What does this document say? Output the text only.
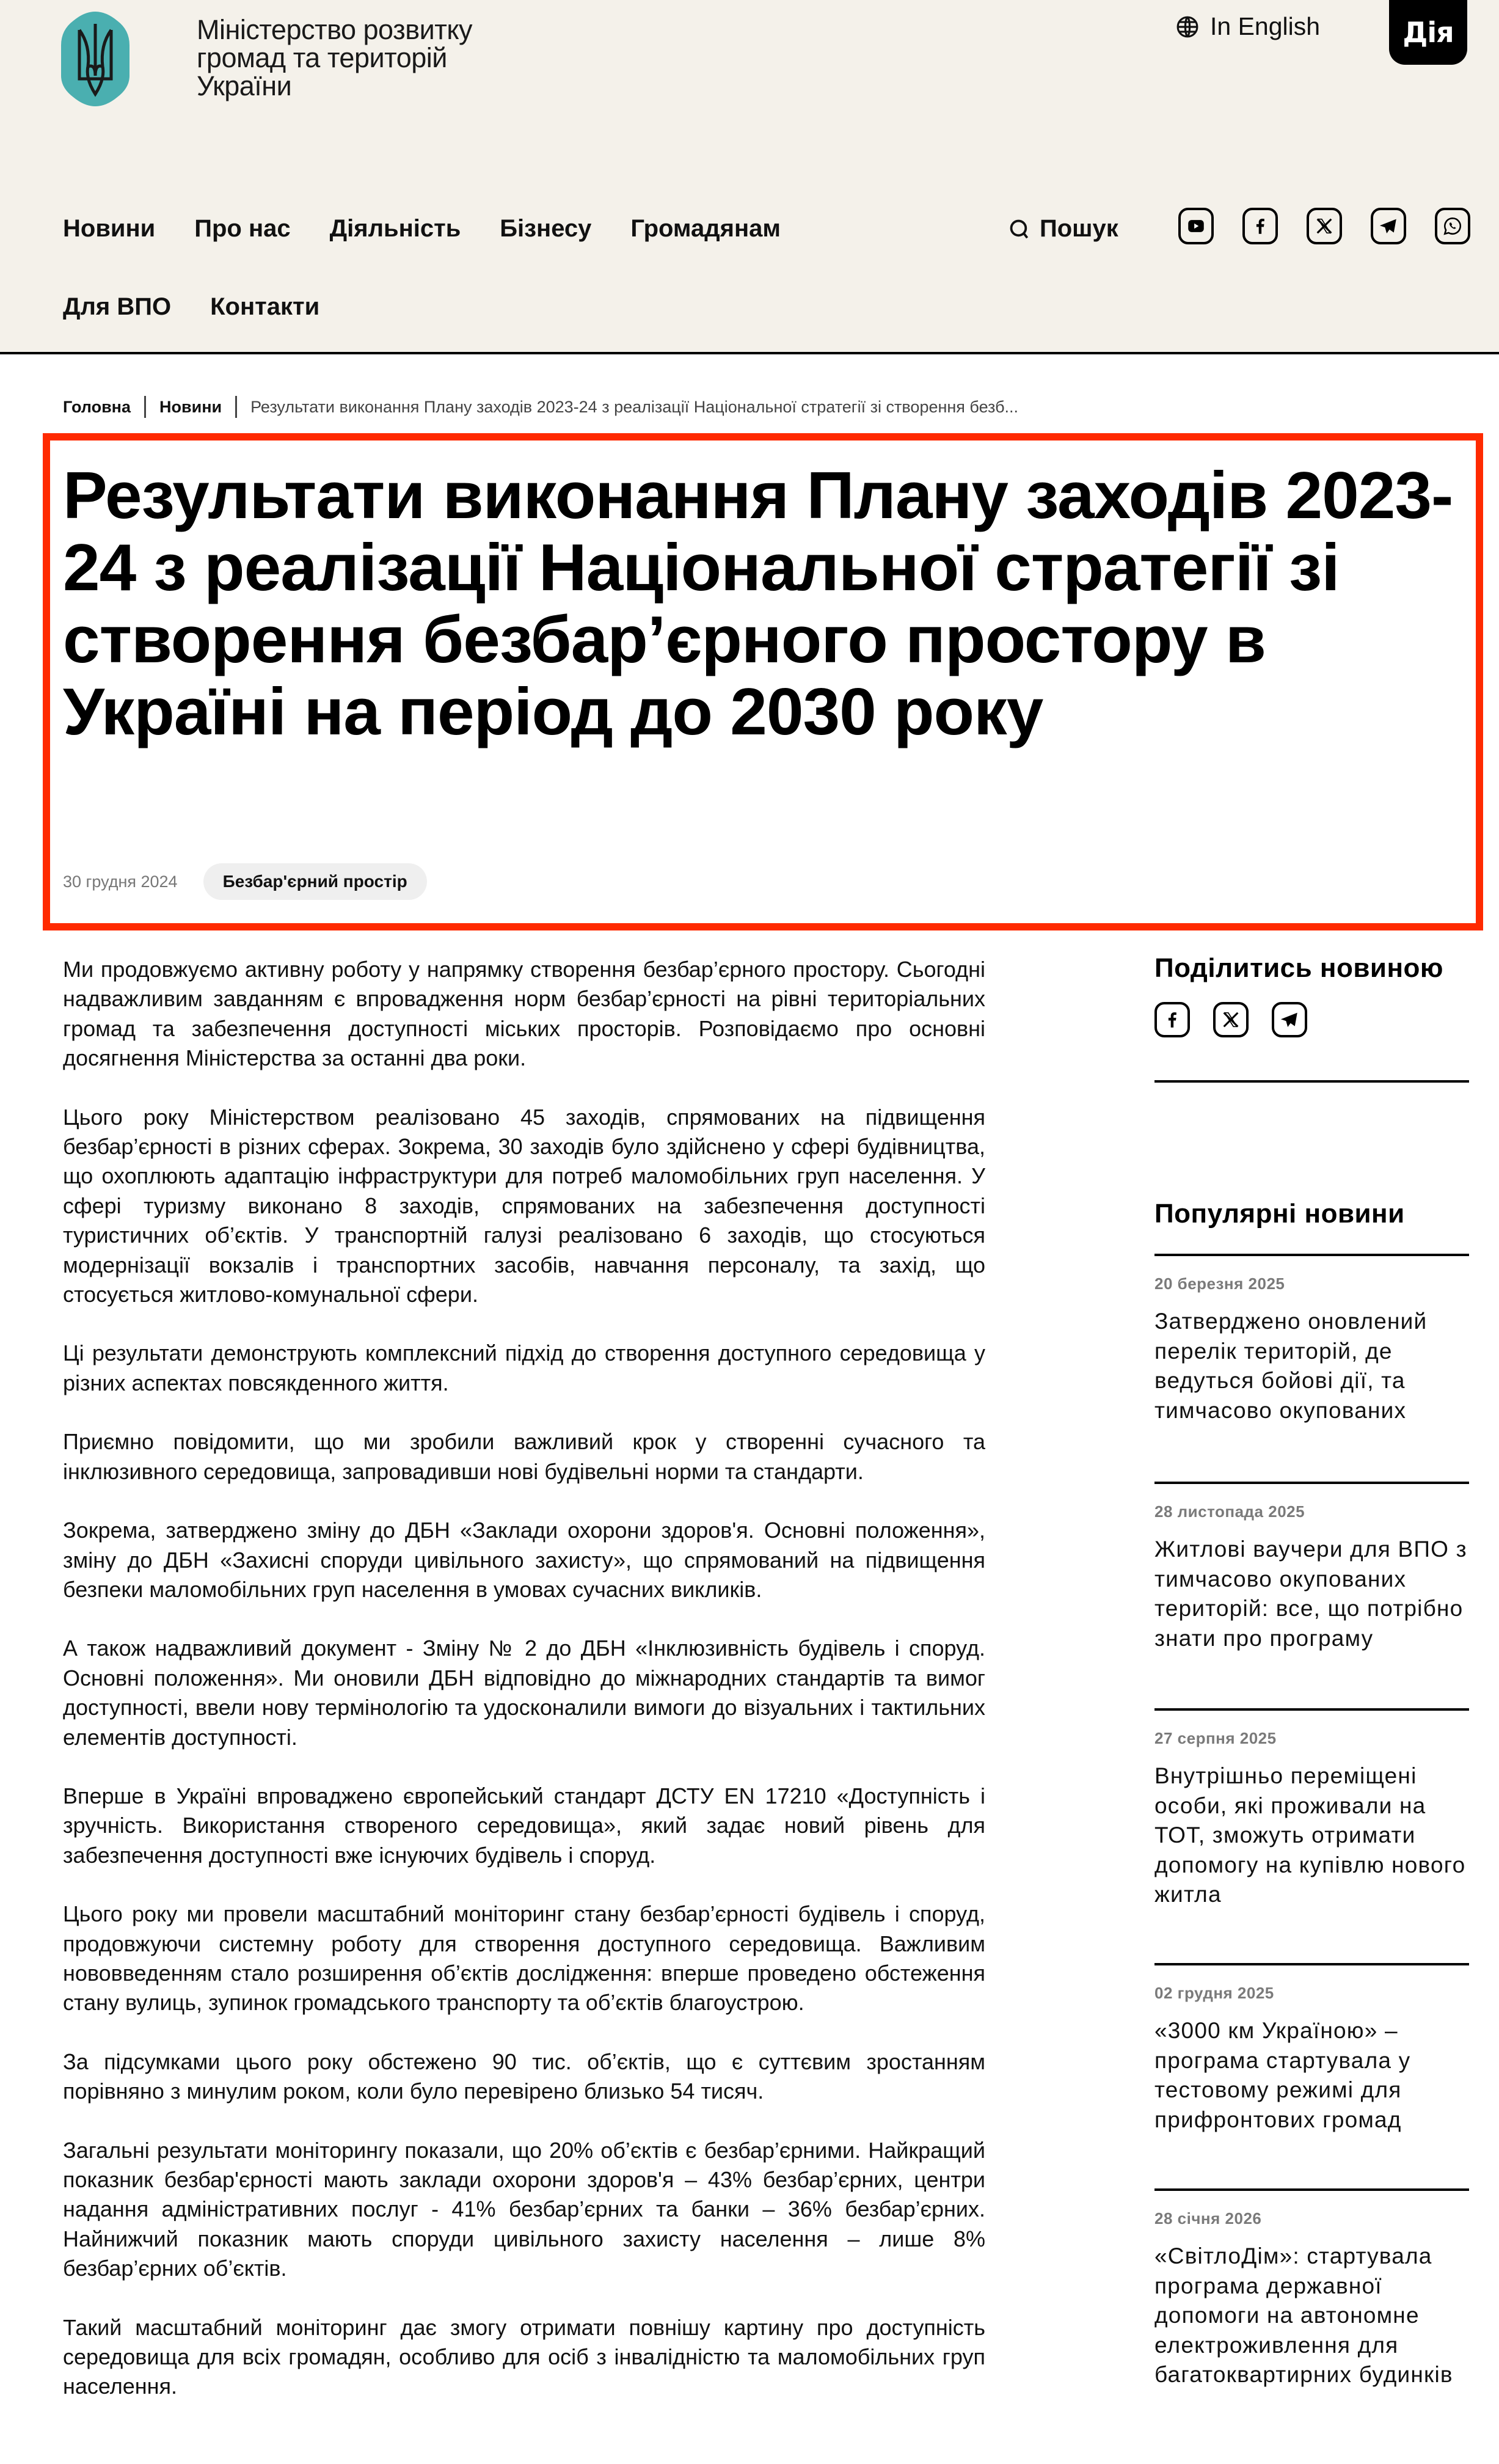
Міністерство розвитку громад та територій України
In English	Дія
Новини Про нас Діяльність Бізнесу Громадянам
Для ВПО Контакти
Пошук
Головна Новини Результати виконання Плану заходів 2023-24 з реалізації Національної стратегії зі створення безб...
Результати виконання Плану заходів 2023-24 з реалізації Національної стратегії зі створення безбар’єрного простору в Україні на період до 2030 року
30 грудня 2024	Безбар'єрний простір

Ми продовжуємо активну роботу у напрямку створення безбар’єрного простору. Сьогодні надважливим завданням є впровадження норм безбар’єрності на рівні територіальних громад та забезпечення доступності міських просторів. Розповідаємо про основні досягнення Міністерства за останні два роки.

Цього року Міністерством реалізовано 45 заходів, спрямованих на підвищення безбар’єрності в різних сферах. Зокрема, 30 заходів було здійснено у сфері будівництва, що охоплюють адаптацію інфраструктури для потреб маломобільних груп населення. У сфері туризму виконано 8 заходів, спрямованих на забезпечення доступності туристичних об’єктів. У транспортній галузі реалізовано 6 заходів, що стосуються модернізації вокзалів і транспортних засобів, навчання персоналу, та захід, що стосується житлово-комунальної сфери.

Ці результати демонструють комплексний підхід до створення доступного середовища у різних аспектах повсякденного життя.

Приємно повідомити, що ми зробили важливий крок у створенні сучасного та інклюзивного середовища, запровадивши нові будівельні норми та стандарти.

Зокрема, затверджено зміну до ДБН «Заклади охорони здоров'я. Основні положення», зміну до ДБН «Захисні споруди цивільного захисту», що спрямований на підвищення безпеки маломобільних груп населення в умовах сучасних викликів.

А також надважливий документ - Зміну № 2 до ДБН «Інклюзивність будівель і споруд. Основні положення». Ми оновили ДБН відповідно до міжнародних стандартів та вимог доступності, ввели нову термінологію та удосконалили вимоги до візуальних і тактильних елементів доступності.

Вперше в Україні впроваджено європейський стандарт ДСТУ EN 17210 «Доступність і зручність. Використання створеного середовища», який задає новий рівень для забезпечення доступності вже існуючих будівель і споруд.

Цього року ми провели масштабний моніторинг стану безбар’єрності будівель і споруд, продовжуючи системну роботу для створення доступного середовища. Важливим нововведенням стало розширення об’єктів дослідження: вперше проведено обстеження стану вулиць, зупинок громадського транспорту та об’єктів благоустрою.

За підсумками цього року обстежено 90 тис. об’єктів, що є суттєвим зростанням порівняно з минулим роком, коли було перевірено близько 54 тисяч.

Загальні результати моніторингу показали, що 20% об’єктів є безбар’єрними. Найкращий показник безбар'єрності мають заклади охорони здоров'я – 43% безбар’єрних, центри надання адміністративних послуг - 41% безбар’єрних та банки – 36% безбар’єрних. Найнижчий показник мають споруди цивільного захисту населення – лише 8% безбар’єрних об’єктів.

Такий масштабний моніторинг дає змогу отримати повнішу картину про доступність середовища для всіх громадян, особливо для осіб з інвалідністю та маломобільних груп населення.

Поділитись новиною
Популярні новини
20 березня 2025
Затверджено оновлений перелік територій, де ведуться бойові дії, та тимчасово окупованих
28 листопада 2025
Житлові ваучери для ВПО з тимчасово окупованих територій: все, що потрібно знати про програму
27 серпня 2025
Внутрішньо переміщені особи, які проживали на ТОТ, зможуть отримати допомогу на купівлю нового житла
02 грудня 2025
«3000 км Україною» – програма стартувала у тестовому режимі для прифронтових громад
28 січня 2026
«СвітлоДім»: стартувала програма державної допомоги на автономне електроживлення для багатоквартирних будинків
